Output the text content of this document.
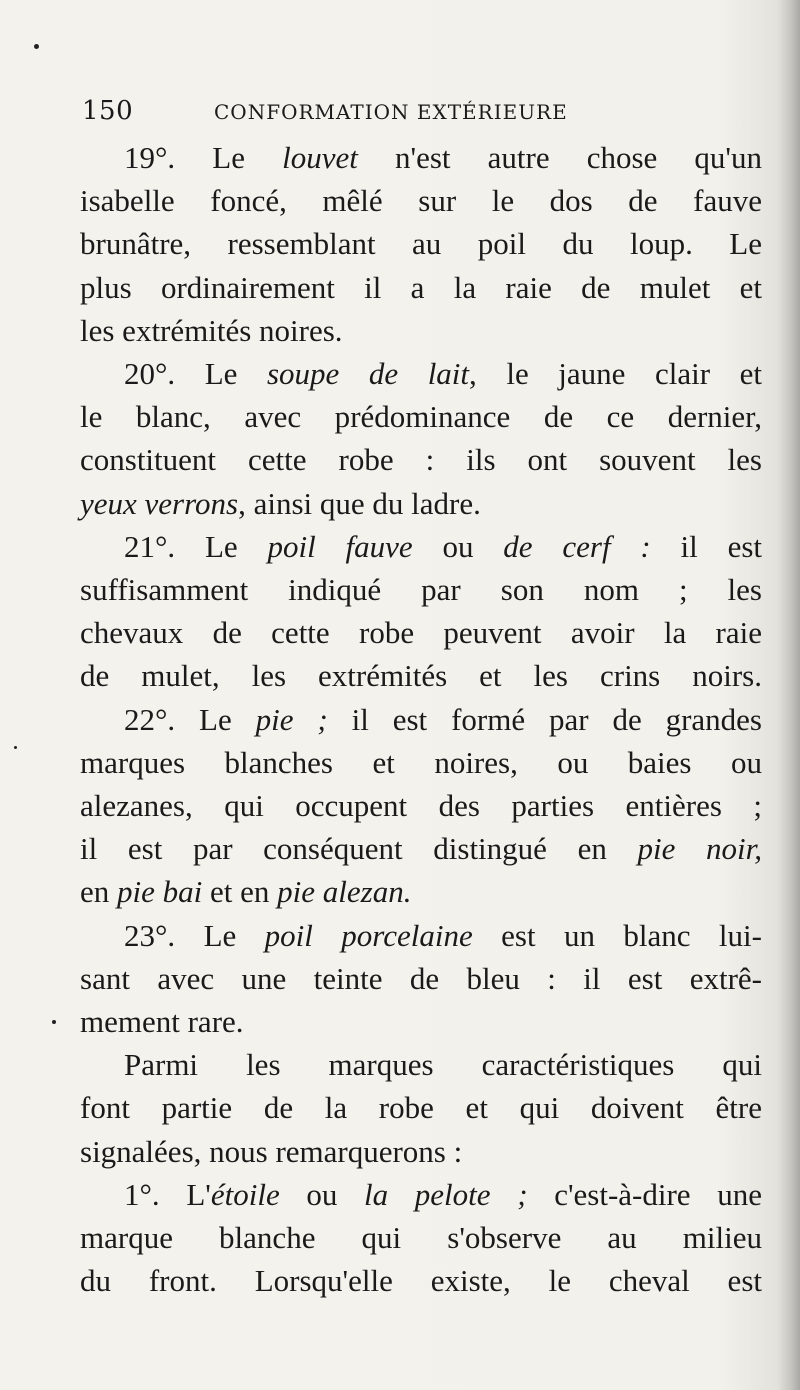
150	CONFORMATION EXTÉRIEURE

19°. Le louvet n'est autre chose qu'un

isabelle foncé, mêlé sur le dos de fauve

brunâtre, ressemblant au poil du loup. Le

plus ordinairement il a la raie de mulet et

les extrémités noires.

20°. Le soupe de lait, le jaune clair et

le blanc, avec prédominance de ce dernier,

constituent cette robe : ils ont souvent les

yeux verrons, ainsi que du ladre.

21°. Le poil fauve ou de cerf : il est

suffisamment indiqué par son nom ; les

chevaux de cette robe peuvent avoir la raie

de mulet, les extrémités et les crins noirs.

22°. Le pie ; il est formé par de grandes

marques blanches et noires, ou baies ou

alezanes, qui occupent des parties entières ;

il est par conséquent distingué en pie noir,

en pie bai et en pie alezan.

23°. Le poil porcelaine est un blanc lui-

sant avec une teinte de bleu : il est extrê-

mement rare.

Parmi les marques caractéristiques qui

font partie de la robe et qui doivent être

signalées, nous remarquerons :

1°. L'étoile ou la pelote ; c'est-à-dire une

marque blanche qui s'observe au milieu

du front. Lorsqu'elle existe, le cheval est
